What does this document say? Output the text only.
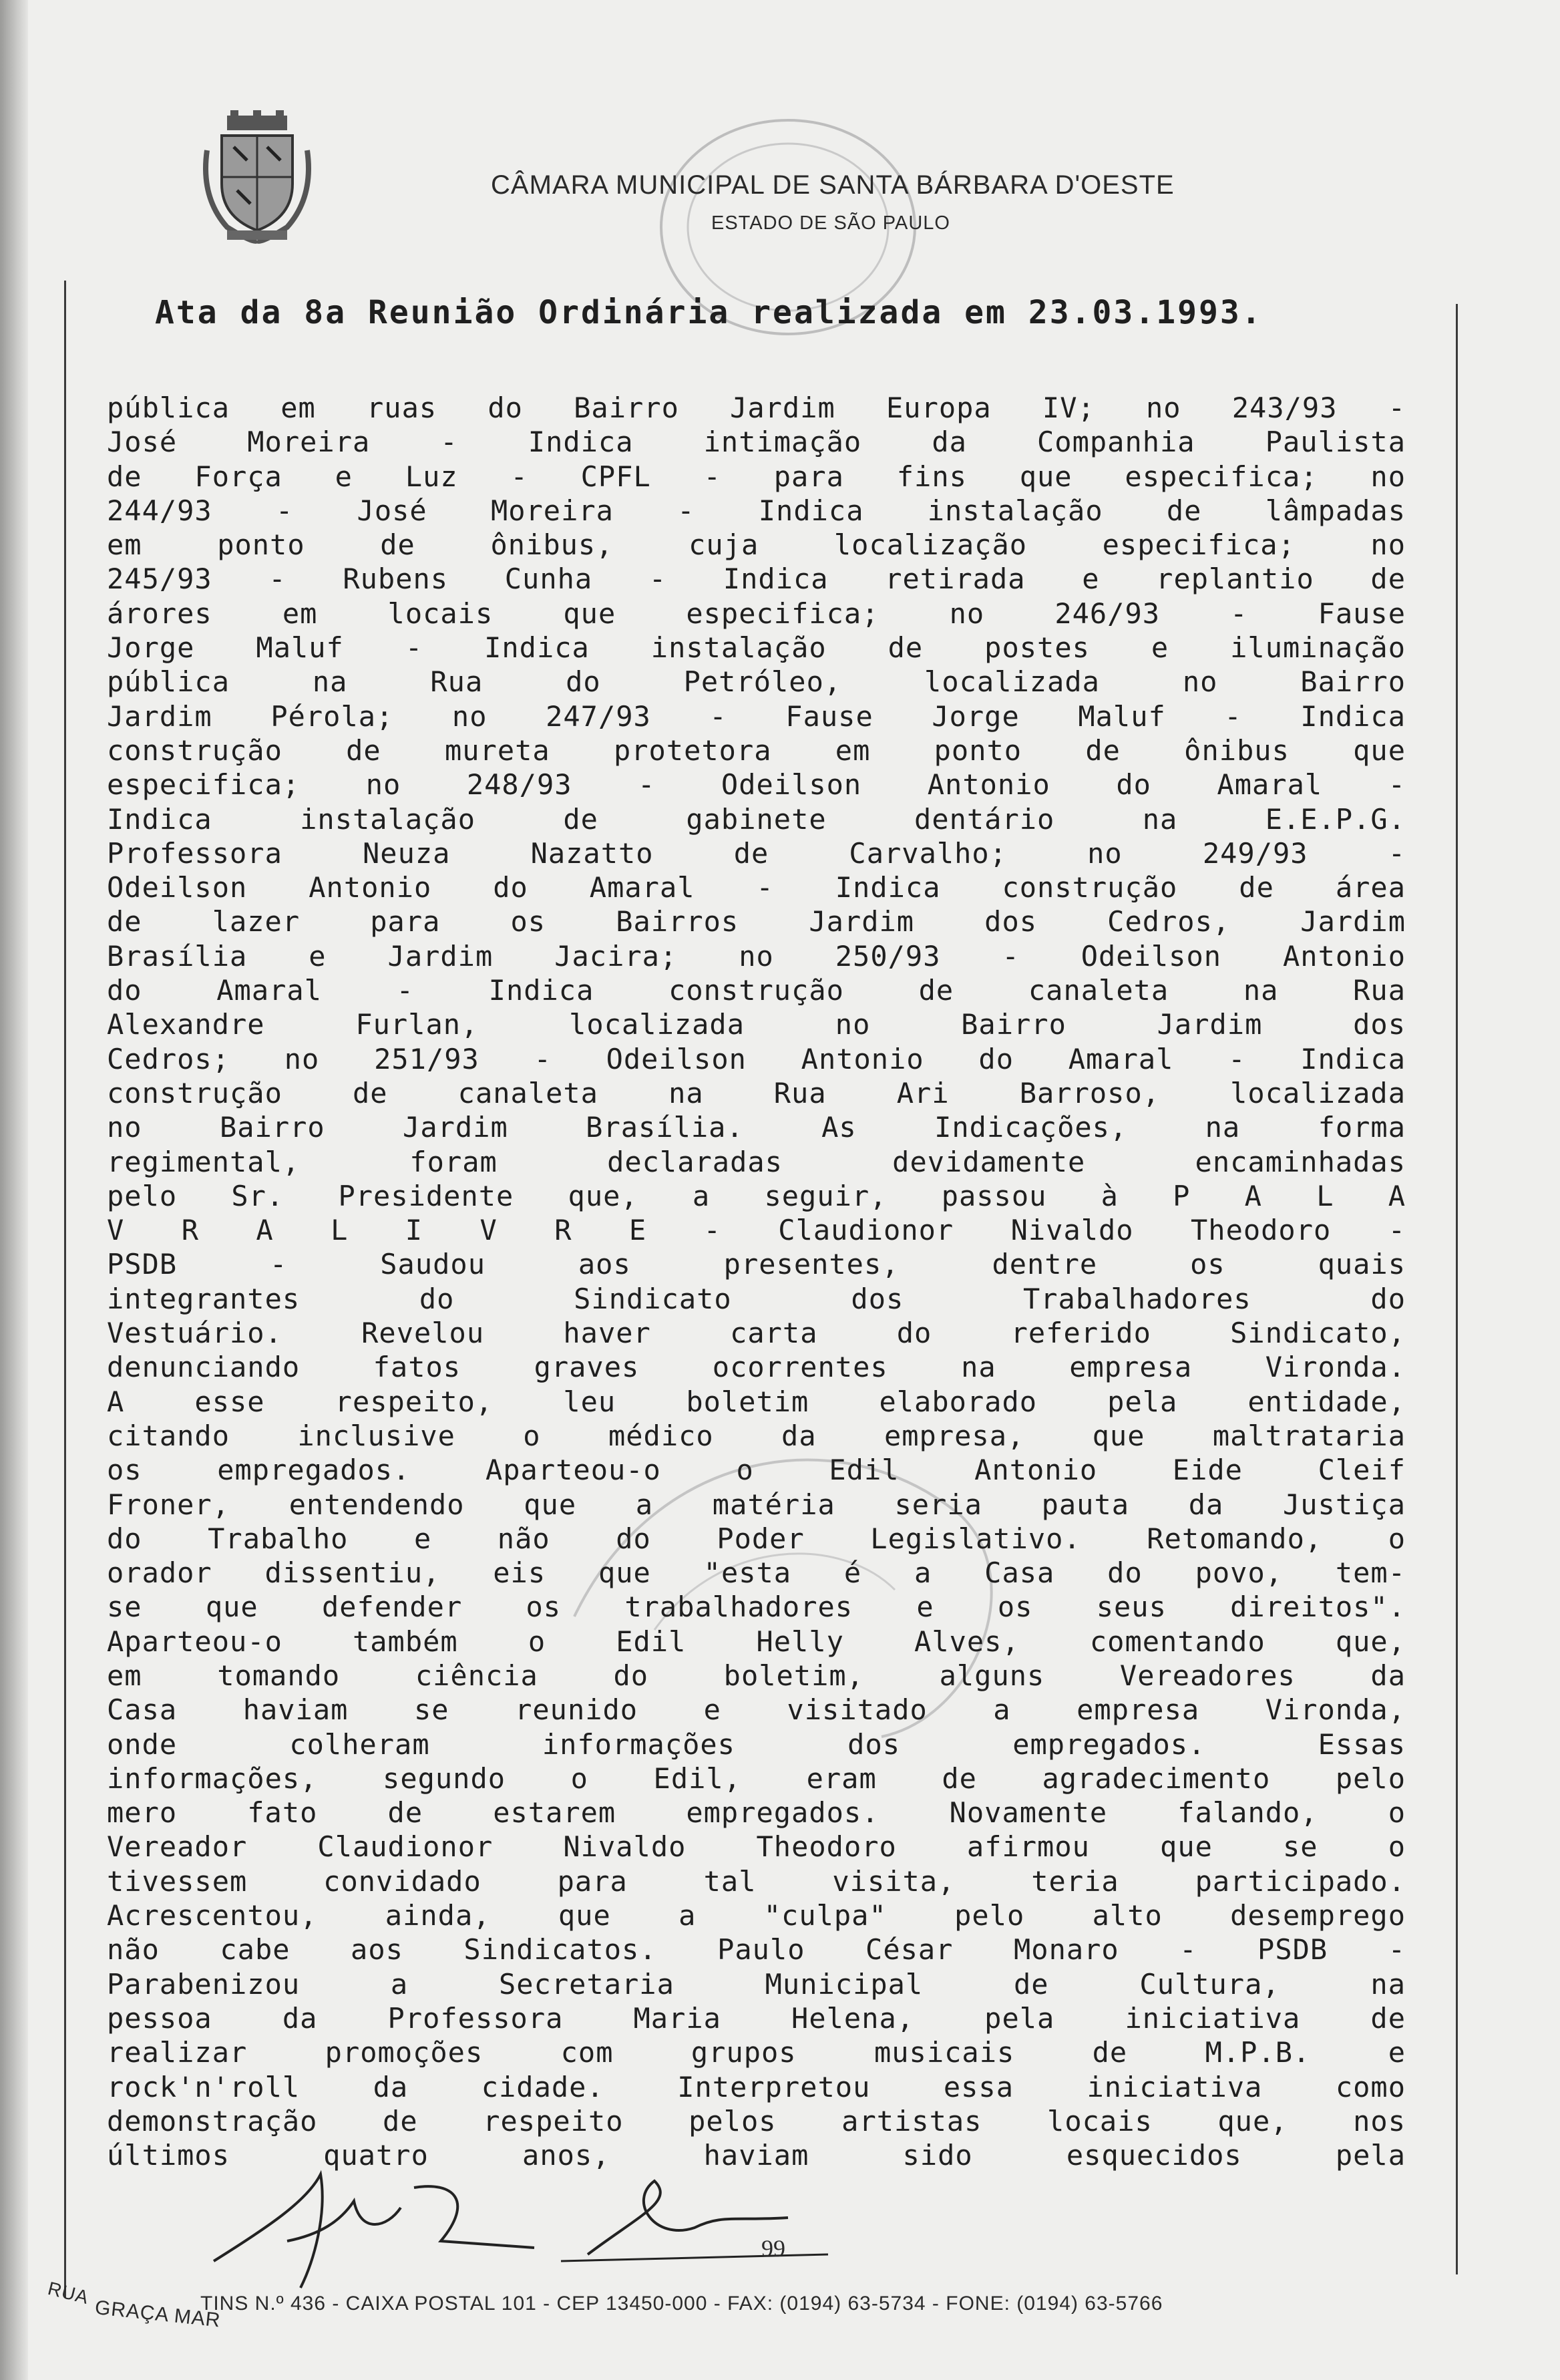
CÂMARA MUNICIPAL DE SANTA BÁRBARA D'OESTE
ESTADO DE SÃO PAULO
Ata da 8a Reunião Ordinária realizada em 23.03.1993.
pública em ruas do Bairro Jardim Europa IV; no 243/93 -
José Moreira - Indica intimação da Companhia Paulista
de Força e Luz - CPFL - para fins que especifica; no
244/93 - José Moreira - Indica instalação de lâmpadas
em ponto de ônibus, cuja localização especifica; no
245/93 - Rubens Cunha - Indica retirada e replantio de
árores em locais que especifica; no 246/93 - Fause
Jorge Maluf - Indica instalação de postes e iluminação
pública na Rua do Petróleo, localizada no Bairro
Jardim Pérola; no 247/93 - Fause Jorge Maluf - Indica
construção de mureta protetora em ponto de ônibus que
especifica; no 248/93 - Odeilson Antonio do Amaral -
Indica instalação de gabinete dentário na E.E.P.G.
Professora Neuza Nazatto de Carvalho; no 249/93 -
Odeilson Antonio do Amaral - Indica construção de área
de lazer para os Bairros Jardim dos Cedros, Jardim
Brasília e Jardim Jacira; no 250/93 - Odeilson Antonio
do Amaral - Indica construção de canaleta na Rua
Alexandre Furlan, localizada no Bairro Jardim dos
Cedros; no 251/93 - Odeilson Antonio do Amaral - Indica
construção de canaleta na Rua Ari Barroso, localizada
no Bairro Jardim Brasília. As Indicações, na forma
regimental, foram declaradas devidamente encaminhadas
pelo Sr. Presidente que, a seguir, passou à P A L A
V R A L I V R E - Claudionor Nivaldo Theodoro -
PSDB - Saudou aos presentes, dentre os quais
integrantes do Sindicato dos Trabalhadores do
Vestuário. Revelou haver carta do referido Sindicato,
denunciando fatos graves ocorrentes na empresa Vironda.
A esse respeito, leu boletim elaborado pela entidade,
citando inclusive o médico da empresa, que maltrataria
os empregados. Aparteou-o o Edil Antonio Eide Cleif
Froner, entendendo que a matéria seria pauta da Justiça
do Trabalho e não do Poder Legislativo. Retomando, o
orador dissentiu, eis que "esta é a Casa do povo, tem-
se que defender os trabalhadores e os seus direitos".
Aparteou-o também o Edil Helly Alves, comentando que,
em tomando ciência do boletim, alguns Vereadores da
Casa haviam se reunido e visitado a empresa Vironda,
onde colheram informações dos empregados. Essas
informações, segundo o Edil, eram de agradecimento pelo
mero fato de estarem empregados. Novamente falando, o
Vereador Claudionor Nivaldo Theodoro afirmou que se o
tivessem convidado para tal visita, teria participado.
Acrescentou, ainda, que a "culpa" pelo alto desemprego
não cabe aos Sindicatos. Paulo César Monaro - PSDB -
Parabenizou a Secretaria Municipal de Cultura, na
pessoa da Professora Maria Helena, pela iniciativa de
realizar promoções com grupos musicais de M.P.B. e
rock'n'roll da cidade. Interpretou essa iniciativa como
demonstração de respeito pelos artistas locais que, nos
últimos quatro anos, haviam sido esquecidos pela
99
RUA
GRAÇA MAR
TINS N.º 436 - CAIXA POSTAL 101 - CEP 13450-000 - FAX: (0194) 63-5734 - FONE: (0194) 63-5766
